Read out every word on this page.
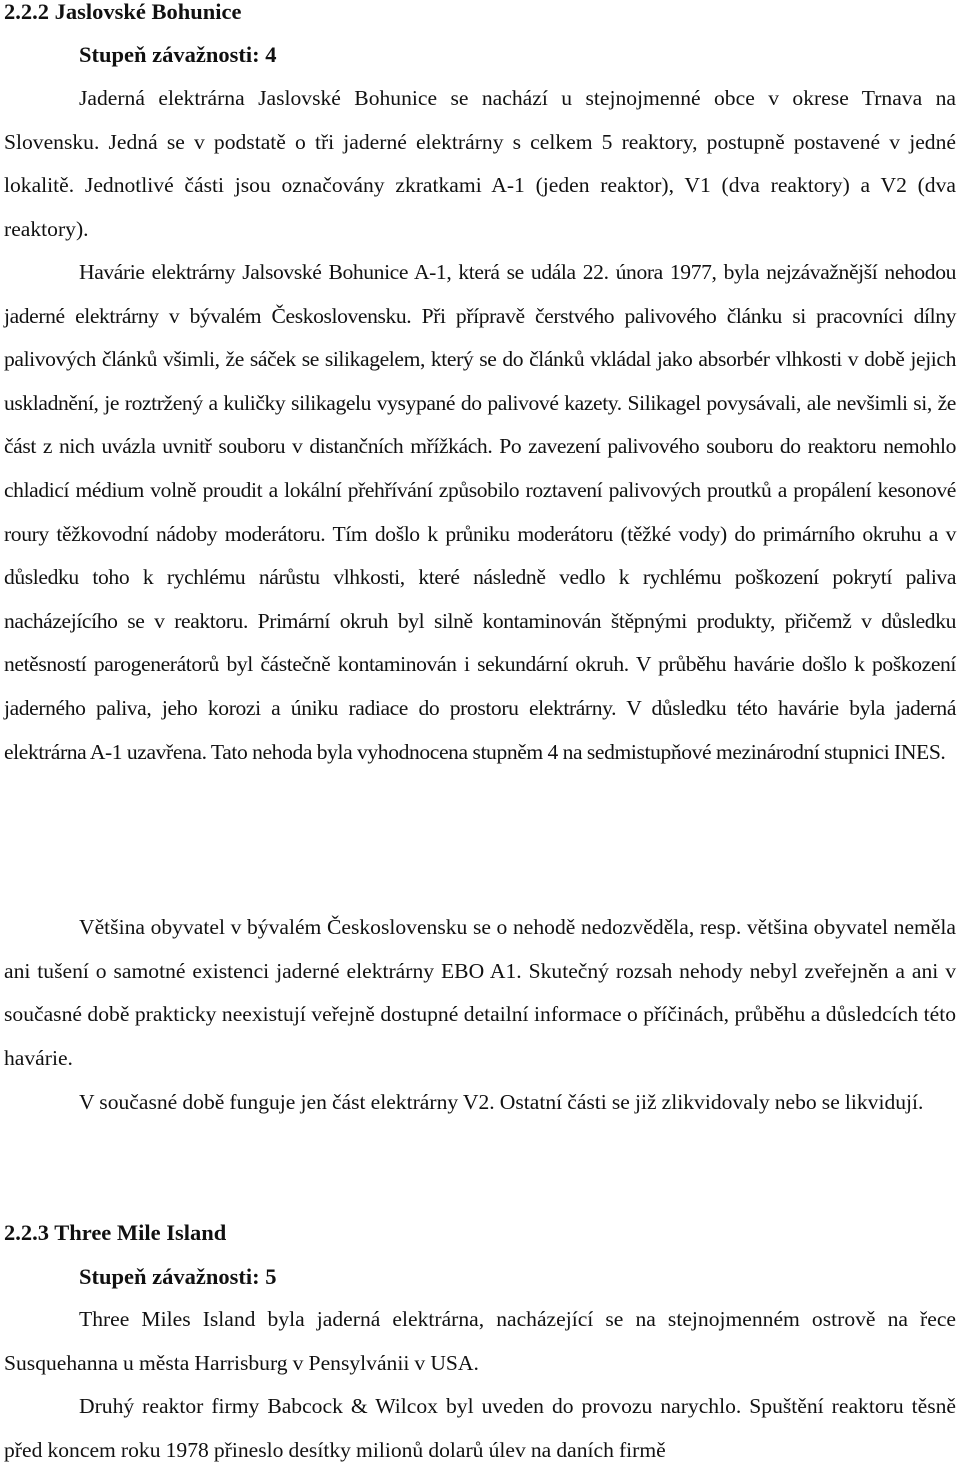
2.2.2 Jaslovské Bohunice
Stupeň závažnosti: 4

Jaderná elektrárna Jaslovské Bohunice se nachází u stejnojmenné obce v okrese Trnava na Slovensku. Jedná se v podstatě o tři jaderné elektrárny s celkem 5 reaktory, postupně postavené v jedné lokalitě. Jednotlivé části jsou označovány zkratkami A-1 (jeden reaktor), V1 (dva reaktory) a V2 (dva reaktory).

Havárie elektrárny Jalsovské Bohunice A-1, která se udála 22. února 1977, byla nejzávažnější nehodou jaderné elektrárny v bývalém Československu. Při přípravě čerstvého palivového článku si pracovníci dílny palivových článků všimli, že sáček se silikagelem, který se do článků vkládal jako absorbér vlhkosti v době jejich uskladnění, je roztržený a kuličky silikagelu vysypané do palivové kazety. Silikagel povysávali, ale nevšimli si, že část z nich uvázla uvnitř souboru v distančních mřížkách. Po zavezení palivového souboru do reaktoru nemohlo chladicí médium volně proudit a lokální přehřívání způsobilo roztavení palivových proutků a propálení kesonové roury těžkovodní nádoby moderátoru. Tím došlo k průniku moderátoru (těžké vody) do primárního okruhu a v důsledku toho k rychlému nárůstu vlhkosti, které následně vedlo k rychlému poškození pokrytí paliva nacházejícího se v reaktoru. Primární okruh byl silně kontaminován štěpnými produkty, přičemž v důsledku netěsností parogenerátorů byl částečně kontaminován i sekundární okruh. V průběhu havárie došlo k poškození jaderného paliva, jeho korozi a úniku radiace do prostoru elektrárny. V důsledku této havárie byla jaderná elektrárna A-1 uzavřena. Tato nehoda byla vyhodnocena stupněm 4 na sedmistupňové mezinárodní stupnici INES.

Většina obyvatel v bývalém Československu se o nehodě nedozvěděla, resp. většina obyvatel neměla ani tušení o samotné existenci jaderné elektrárny EBO A1. Skutečný rozsah nehody nebyl zveřejněn a ani v současné době prakticky neexistují veřejně dostupné detailní informace o příčinách, průběhu a důsledcích této havárie.

V současné době funguje jen část elektrárny V2. Ostatní části se již zlikvidovaly nebo se likvidují.

2.2.3 Three Mile Island
Stupeň závažnosti: 5

Three Miles Island byla jaderná elektrárna, nacházející se na stejnojmenném ostrově na řece Susquehanna u města Harrisburg v Pensylvánii v USA.

Druhý reaktor firmy Babcock & Wilcox byl uveden do provozu narychlo. Spuštění reaktoru těsně před koncem roku 1978 přineslo desítky milionů dolarů úlev na daních firmě
